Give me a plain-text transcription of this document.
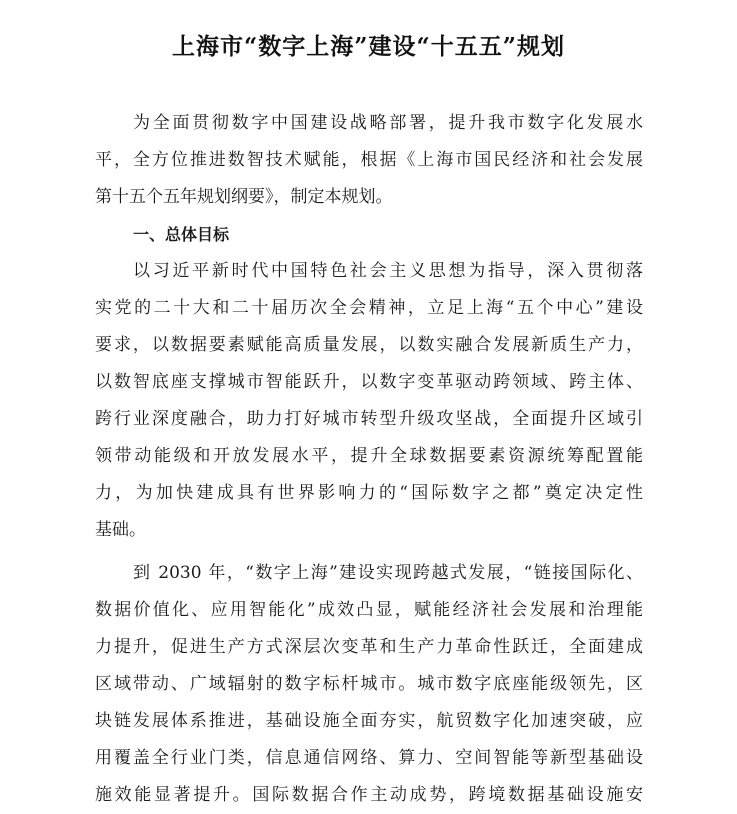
上海市“数字上海”建设“十五五”规划
为全面贯彻数字中国建设战略部署，提升我市数字化发展水
平，全方位推进数智技术赋能，根据《上海市国民经济和社会发展
第十五个五年规划纲要》，制定本规划。
一、总体目标
以习近平新时代中国特色社会主义思想为指导，深入贯彻落
实党的二十大和二十届历次全会精神，立足上海“五个中心”建设
要求，以数据要素赋能高质量发展，以数实融合发展新质生产力，
以数智底座支撑城市智能跃升，以数字变革驱动跨领域、跨主体、
跨行业深度融合，助力打好城市转型升级攻坚战，全面提升区域引
领带动能级和开放发展水平，提升全球数据要素资源统筹配置能
力，为加快建成具有世界影响力的“国际数字之都”奠定决定性
基础。
到 2030 年，“数字上海”建设实现跨越式发展，“链接国际化、
数据价值化、应用智能化”成效凸显，赋能经济社会发展和治理能
力提升，促进生产方式深层次变革和生产力革命性跃迁，全面建成
区域带动、广域辐射的数字标杆城市。城市数字底座能级领先，区
块链发展体系推进，基础设施全面夯实，航贸数字化加速突破，应
用覆盖全行业门类，信息通信网络、算力、空间智能等新型基础设
施效能显著提升。国际数据合作主动成势，跨境数据基础设施安
